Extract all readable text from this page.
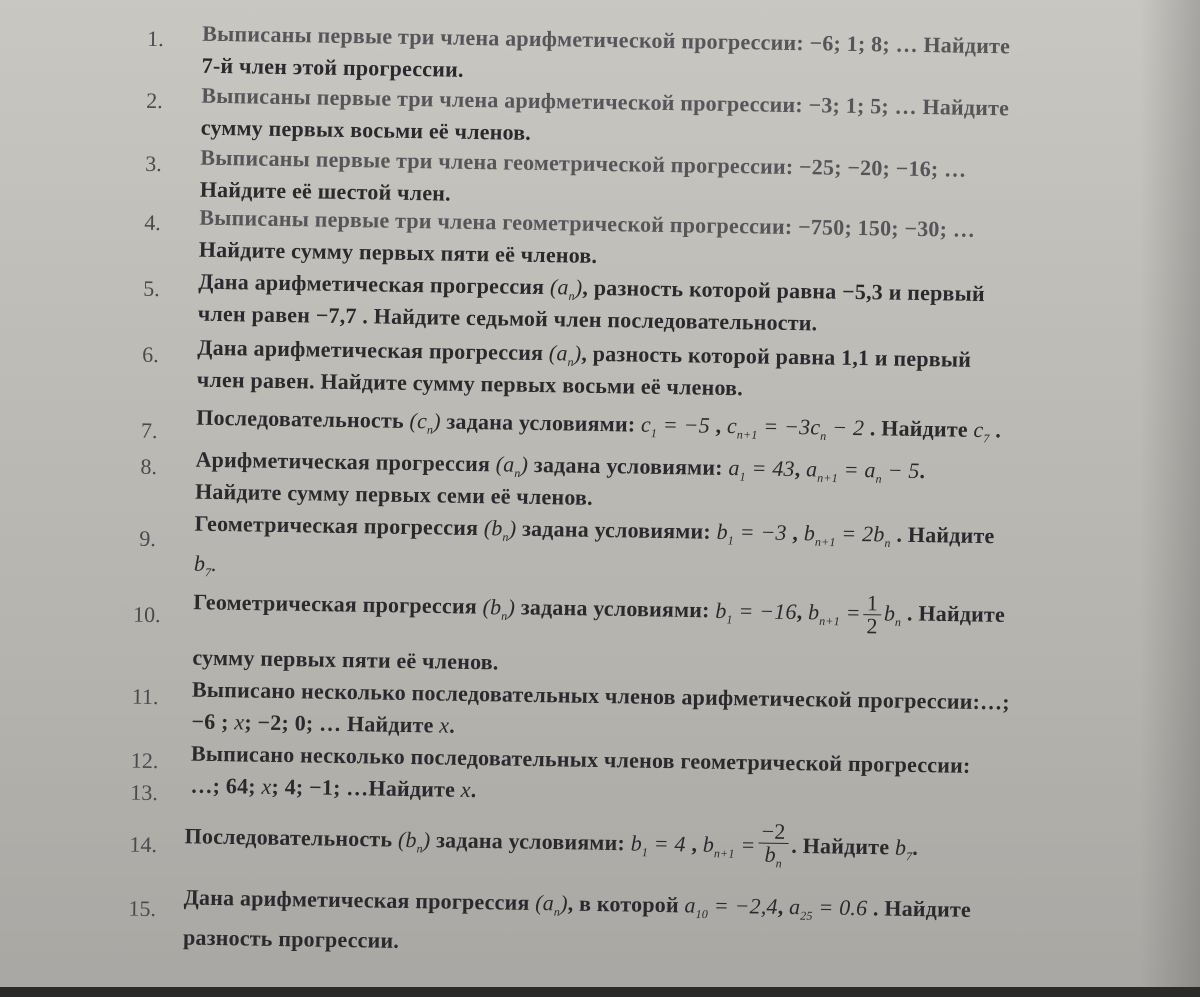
1.	Выписаны первые три члена арифметической прогрессии: −6; 1; 8; … Найдите
7-й член этой прогрессии.
2.	Выписаны первые три члена арифметической прогрессии: −3; 1; 5; … Найдите
сумму первых восьми её членов.
3.	Выписаны первые три члена геометрической прогрессии: −25; −20; −16; …
Найдите её шестой член.
4.	Выписаны первые три члена геометрической прогрессии: −750; 150; −30; …
Найдите сумму первых пяти её членов.
5.	Дана арифметическая прогрессия $(a_n)$, разность которой равна −5,3 и первый
член равен −7,7 . Найдите седьмой член последовательности.
6.	Дана арифметическая прогрессия $(a_n)$, разность которой равна 1,1 и первый
член равен. Найдите сумму первых восьми её членов.
7.	Последовательность $(c_n)$ задана условиями: $c_1 = -5$ , $c_{n+1} = -3c_n - 2$ . Найдите $c_7$ .
8.	Арифметическая прогрессия $(a_n)$ задана условиями: $a_1 = 43$, $a_{n+1} = a_n - 5$.
Найдите сумму первых семи её членов.
9.	Геометрическая прогрессия $(b_n)$ задана условиями: $b_1 = -3$ , $b_{n+1} = 2b_n$ . Найдите
$b_7$.
10.	Геометрическая прогрессия $(b_n)$ задана условиями: $b_1 = -16$, $b_{n+1} = \frac{1}{2} b_n$ . Найдите
сумму первых пяти её членов.
11.	Выписано несколько последовательных членов арифметической прогрессии:…;
−6 ; x; −2; 0; … Найдите x.
12.	Выписано несколько последовательных членов геометрической прогрессии:
13.	…; 64; x; 4; −1; …Найдите x.
14.	Последовательность $(b_n)$ задана условиями: $b_1 = 4$ , $b_{n+1} = \frac{-2}{b_n}$ . Найдите $b_7$.
15.	Дана арифметическая прогрессия $(a_n)$, в которой $a_{10} = -2,4$, $a_{25} = 0.6$ . Найдите
разность прогрессии.
